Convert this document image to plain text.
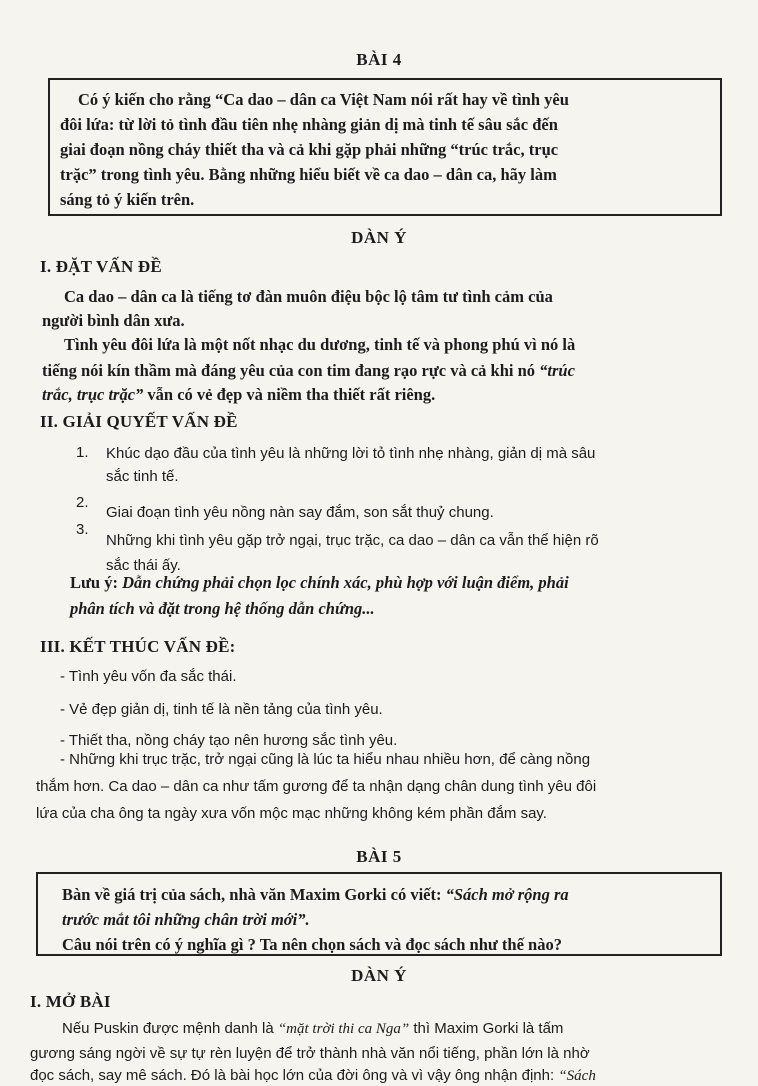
BÀI 4
Có ý kiến cho rằng “Ca dao – dân ca Việt Nam nói rất hay về tình yêu
đôi lứa: từ lời tỏ tình đầu tiên nhẹ nhàng giản dị mà tinh tế sâu sắc đến
giai đoạn nồng cháy thiết tha và cả khi gặp phải những “trúc trắc, trục
trặc” trong tình yêu. Bằng những hiểu biết về ca dao – dân ca, hãy làm
sáng tỏ ý kiến trên.
DÀN Ý
I. ĐẶT VẤN ĐỀ
Ca dao – dân ca là tiếng tơ đàn muôn điệu bộc lộ tâm tư tình cảm của
người bình dân xưa.
Tình yêu đôi lứa là một nốt nhạc du dương, tinh tế và phong phú vì nó là
tiếng nói kín thầm mà đáng yêu của con tim đang rạo rực và cả khi nó “trúc
trắc, trục trặc” vẫn có vẻ đẹp và niềm tha thiết rất riêng.
II. GIẢI QUYẾT VẤN ĐỀ
1. Khúc dạo đầu của tình yêu là những lời tỏ tình nhẹ nhàng, giản dị mà sâu
sắc tinh tế.
2.
Giai đoạn tình yêu nồng nàn say đắm, son sắt thuỷ chung.
3.
Những khi tình yêu gặp trở ngại, trục trặc, ca dao – dân ca vẫn thể hiện rõ
sắc thái ấy.
Lưu ý: Dẫn chứng phải chọn lọc chính xác, phù hợp với luận điểm, phải
phân tích và đặt trong hệ thống dẫn chứng...
III. KẾT THÚC VẤN ĐỀ:
- Tình yêu vốn đa sắc thái.
- Vẻ đẹp giản dị, tinh tế là nền tảng của tình yêu.
- Thiết tha, nồng cháy tạo nên hương sắc tình yêu.
- Những khi trục trặc, trở ngại cũng là lúc ta hiểu nhau nhiều hơn, để càng nồng
thắm hơn. Ca dao – dân ca như tấm gương để ta nhận dạng chân dung tình yêu đôi
lứa của cha ông ta ngày xưa vốn mộc mạc những không kém phần đắm say.
BÀI 5
Bàn về giá trị của sách, nhà văn Maxim Gorki có viết: “Sách mở rộng ra
trước mắt tôi những chân trời mới”.
Câu nói trên có ý nghĩa gì ? Ta nên chọn sách và đọc sách như thế nào?
DÀN Ý
I. MỞ BÀI
Nếu Puskin được mệnh danh là “mặt trời thi ca Nga” thì Maxim Gorki là tấm
gương sáng ngời về sự tự rèn luyện để trở thành nhà văn nổi tiếng, phần lớn là nhờ
đọc sách, say mê sách. Đó là bài học lớn của đời ông và vì vậy ông nhận định: “Sách
